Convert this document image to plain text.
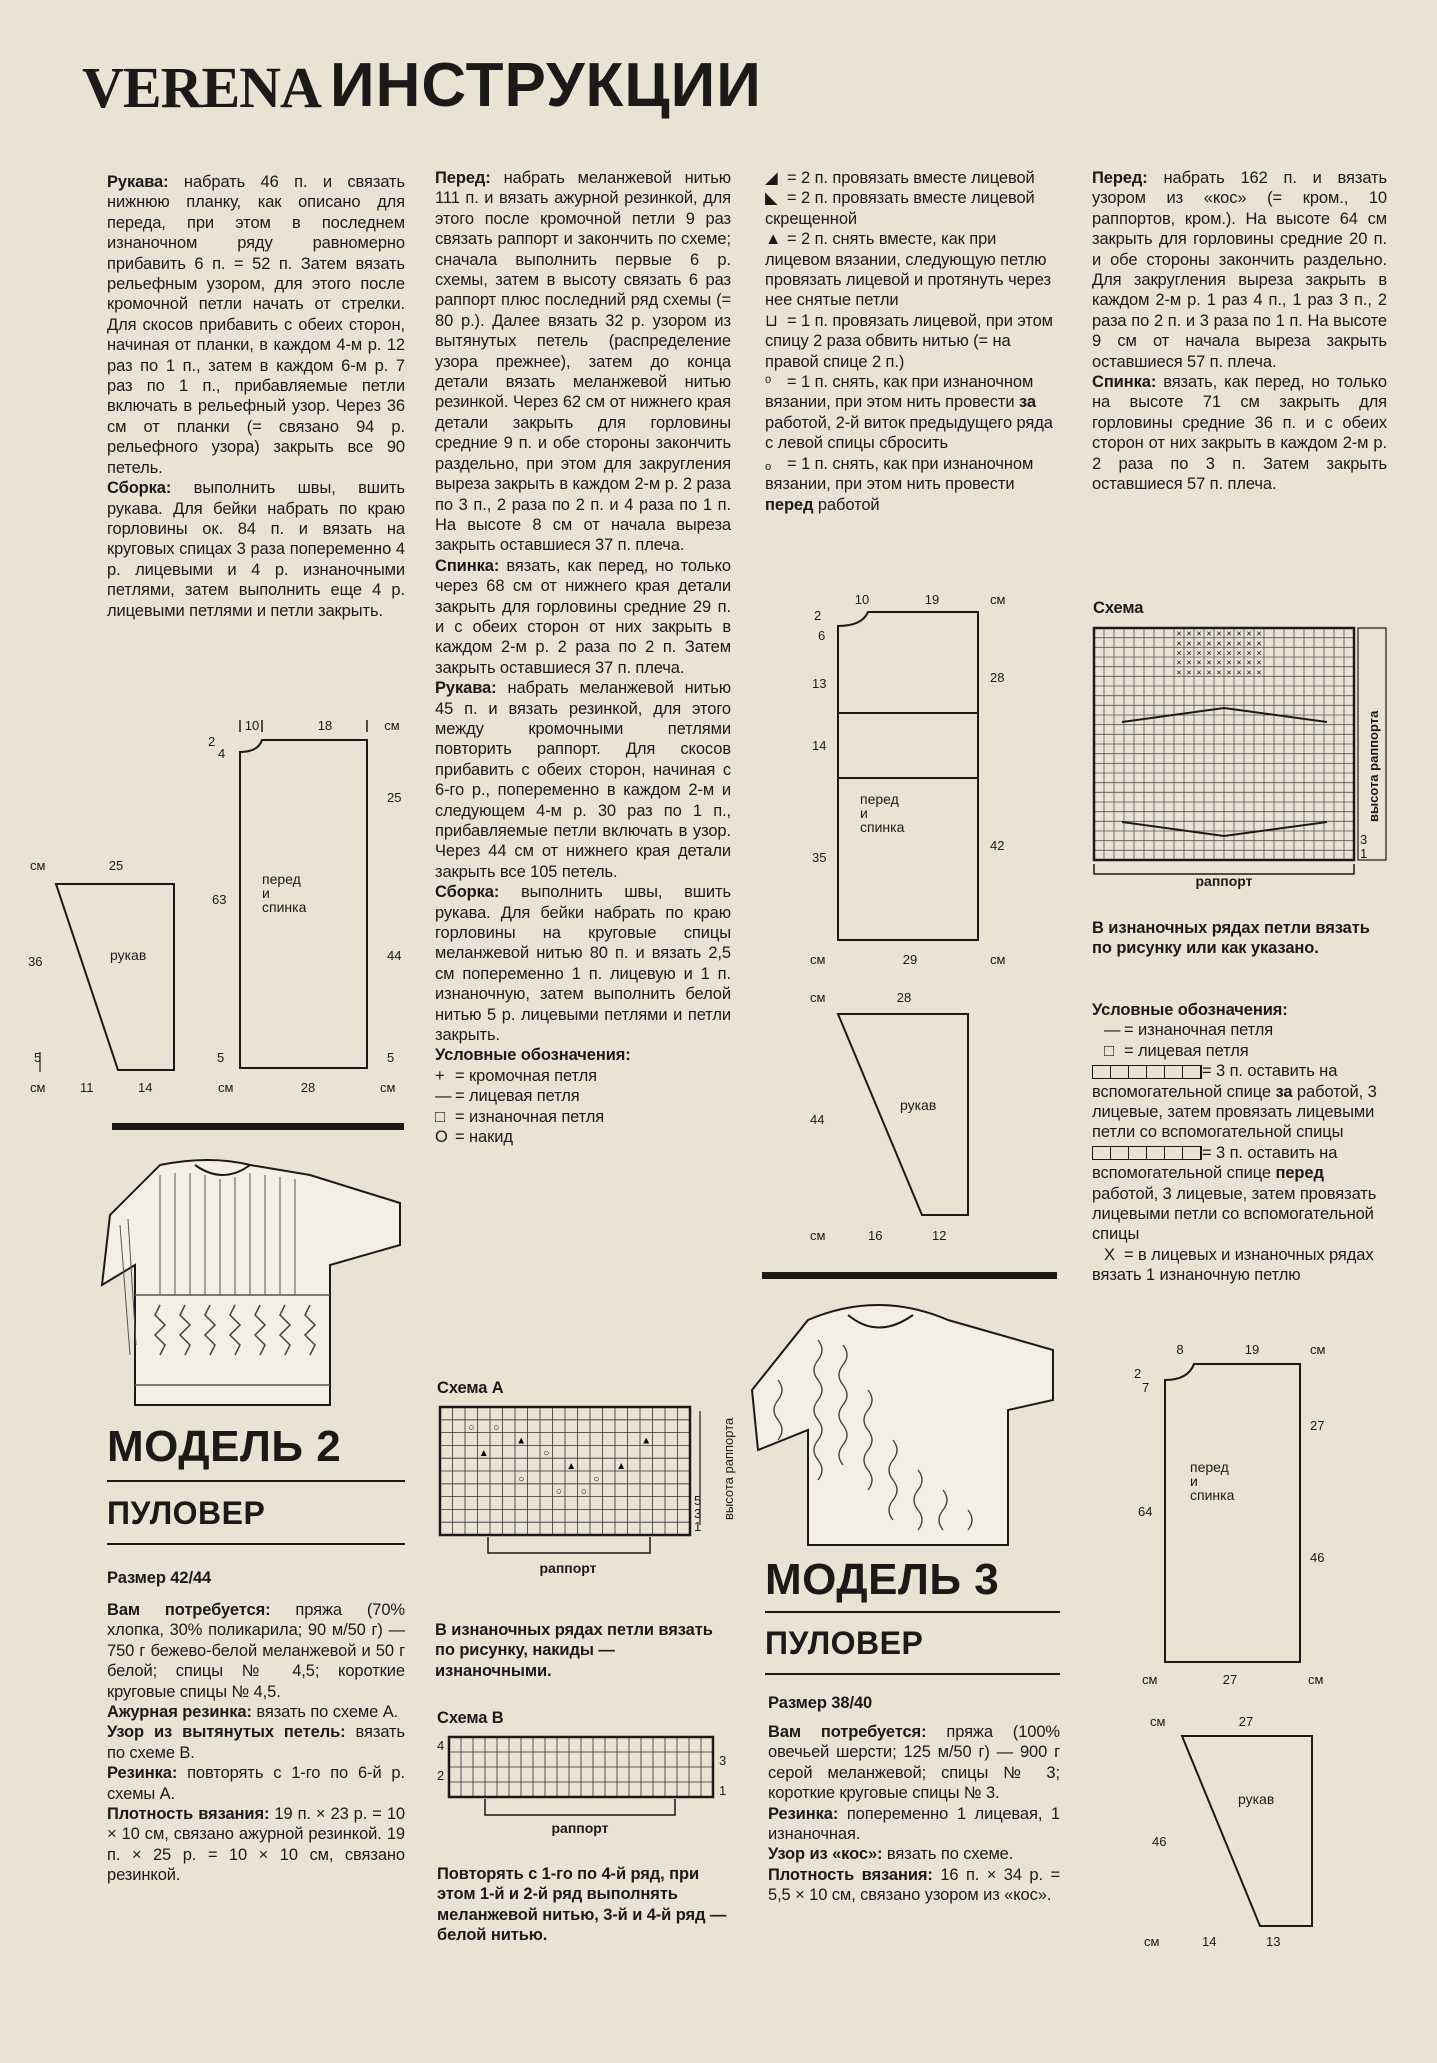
VERENA ИНСТРУКЦИИ

Рукава: набрать 46 п. и связать нижнюю планку, как описано для переда, при этом в последнем изнаночном ряду равномерно прибавить 6 п. = 52 п. Затем вязать рельефным узором, для этого после кромочной петли начать от стрелки. Для скосов прибавить с обеих сторон, начиная от планки, в каждом 4-м р. 12 раз по 1 п., затем в каждом 6-м р. 7 раз по 1 п., прибавляемые петли включать в рельефный узор. Через 36 см от планки (= связано 94 р. рельефного узора) закрыть все 90 петель.

Сборка: выполнить швы, вшить рукава. Для бейки набрать по краю горловины ок. 84 п. и вязать на круговых спицах 3 раза попеременно 4 р. лицевыми и 4 р. изнаночными петлями, затем выполнить еще 4 р. лицевыми петлями и петли закрыть.

10	18	см
2
4
63
5
25
44
5
28
см	см
перед
и
спинка
см	25
36
5
рукав
см	11	14
МОДЕЛЬ 2
ПУЛОВЕР
Размер 42/44

Вам потребуется: пряжа (70% хлопка, 30% поликарила; 90 м/50 г) — 750 г бежево-белой меланжевой и 50 г белой; спицы № 4,5; короткие круговые спицы № 4,5.

Ажурная резинка: вязать по схеме А.

Узор из вытянутых петель: вязать по схеме В.

Резинка: повторять с 1-го по 6-й р. схемы А.

Плотность вязания: 19 п. × 23 р. = 10 × 10 см, связано ажурной резинкой. 19 п. × 25 р. = 10 × 10 см, связано резинкой.

Перед: набрать меланжевой нитью 111 п. и вязать ажурной резинкой, для этого после кромочной петли 9 раз связать раппорт и закончить по схеме; сначала выполнить первые 6 р. схемы, затем в высоту связать 6 раз раппорт плюс последний ряд схемы (= 80 р.). Далее вязать 32 р. узором из вытянутых петель (распределение узора прежнее), затем до конца детали вязать меланжевой нитью резинкой. Через 62 см от нижнего края детали закрыть для горловины средние 9 п. и обе стороны закончить раздельно, при этом для закругления выреза закрыть в каждом 2-м р. 2 раза по 3 п., 2 раза по 2 п. и 4 раза по 1 п. На высоте 8 см от начала выреза закрыть оставшиеся 37 п. плеча.

Спинка: вязать, как перед, но только через 68 см от нижнего края детали закрыть для горловины средние 29 п. и с обеих сторон от них закрыть в каждом 2-м р. 2 раза по 2 п. Затем закрыть оставшиеся 37 п. плеча.

Рукава: набрать меланжевой нитью 45 п. и вязать резинкой, для этого между кромочными петлями повторить раппорт. Для скосов прибавить с обеих сторон, начиная с 6-го р., попеременно в каждом 2-м и следующем 4-м р. 30 раз по 1 п., прибавляемые петли включать в узор. Через 44 см от нижнего края детали закрыть все 105 петель.

Сборка: выполнить швы, вшить рукава. Для бейки набрать по краю горловины на круговые спицы меланжевой нитью 80 п. и вязать 2,5 см попеременно 1 п. лицевую и 1 п. изнаночную, затем выполнить белой нитью 5 р. лицевыми петлями и петли закрыть.

Условные обозначения:

+ = кромочная петля

— = лицевая петля

□ = изнаночная петля

O = накид

Схема А
○ ○
▲
○
▲
○
○ ○
○
▲
▲
▲	высота раппорта
5
3
1
раппорт
В изнаночных рядах петли вязать по рисунку, накиды — изнаночными.
Схема В
4
2
3
1
раппорт
Повторять с 1-го по 4-й ряд, при этом 1-й и 2-й ряд выполнять меланжевой нитью, 3-й и 4-й ряд — белой нитью.

◢ = 2 п. провязать вместе лицевой

◣ = 2 п. провязать вместе лицевой скрещенной

▲ = 2 п. снять вместе, как при лицевом вязании, следующую петлю провязать лицевой и протянуть через нее снятые петли

⊔ = 1 п. провязать лицевой, при этом спицу 2 раза обвить нитью (= на правой спице 2 п.)

ᵒ = 1 п. снять, как при изнаночном вязании, при этом нить провести за работой, 2-й виток предыдущего ряда с левой спицы сбросить

ₒ = 1 п. снять, как при изнаночном вязании, при этом нить провести перед работой

10	19	см
2
6
13
14
35
28
42
перед
и
спинка
см	29	см
см	28
44
рукав
см	16	12
МОДЕЛЬ 3
ПУЛОВЕР
Размер 38/40

Вам потребуется: пряжа (100% овечьей шерсти; 125 м/50 г) — 900 г серой меланжевой; спицы № 3; короткие круговые спицы № 3.

Резинка: попеременно 1 лицевая, 1 изнаночная.

Узор из «кос»: вязать по схеме.

Плотность вязания: 16 п. × 34 р. = 5,5 × 10 см, связано узором из «кос».

Перед: набрать 162 п. и вязать узором из «кос» (= кром., 10 раппортов, кром.). На высоте 64 см закрыть для горловины средние 20 п. и обе стороны закончить раздельно. Для закругления выреза закрыть в каждом 2-м р. 1 раз 4 п., 1 раз 3 п., 2 раза по 2 п. и 3 раза по 1 п. На высоте 9 см от начала выреза закрыть оставшиеся 57 п. плеча.

Спинка: вязать, как перед, но только на высоте 71 см закрыть для горловины средние 36 п. и с обеих сторон от них закрыть в каждом 2-м р. 2 раза по 3 п. Затем закрыть оставшиеся 57 п. плеча.

Схема
×
×
×
×
×
×
×
×
×
×
×
×
×
×
×
×
×
×
×
×
×
×
×
×
×
×
×
×
×
×
×
×
×
×
×
×
×
×
×
×
×
×
×
×
×
высота раппорта
3
1
раппорт
В изнаночных рядах петли вязать по рисунку или как указано.

Условные обозначения:

— = изнаночная петля

□ = лицевая петля

= 3 п. оставить на вспомогательной спице за работой, 3 лицевые, затем провязать лицевыми петли со вспомогательной спицы

= 3 п. оставить на вспомогательной спице перед работой, 3 лицевые, затем провязать лицевыми петли со вспомогательной спицы

X = в лицевых и изнаночных рядах вязать 1 изнаночную петлю

8	19	см
2
7
64
27
46
перед
и
спинка
см	27	см
см	27
46
рукав
см	14	13
